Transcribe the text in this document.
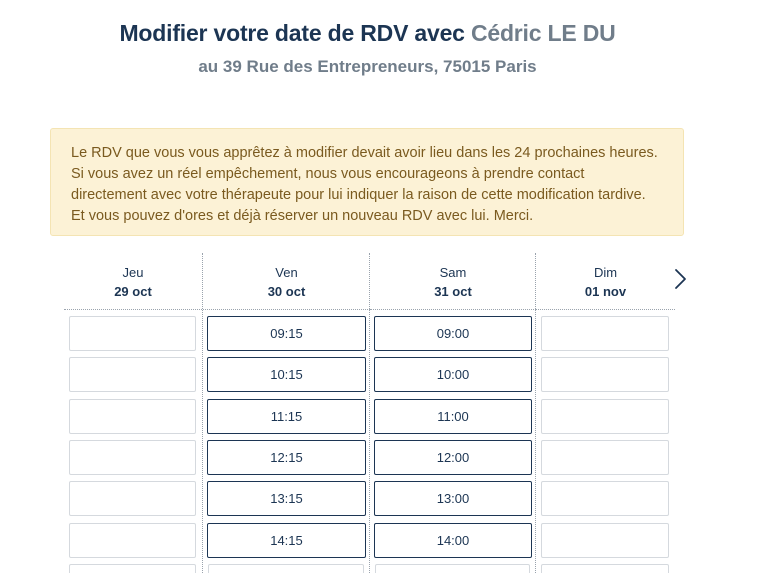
Modifier votre date de RDV avec Cédric LE DU
au 39 Rue des Entrepreneurs, 75015 Paris
Le RDV que vous vous apprêtez à modifier devait avoir lieu dans les 24 prochaines heures. Si vous avez un réel empêchement, nous vous encourageons à prendre contact directement avec votre thérapeute pour lui indiquer la raison de cette modification tardive. Et vous pouvez d'ores et déjà réserver un nouveau RDV avec lui. Merci.
Jeu
29 oct
Ven
30 oct
09:15
10:15
11:15
12:15
13:15
14:15
Sam
31 oct
09:00
10:00
11:00
12:00
13:00
14:00
Dim
01 nov
